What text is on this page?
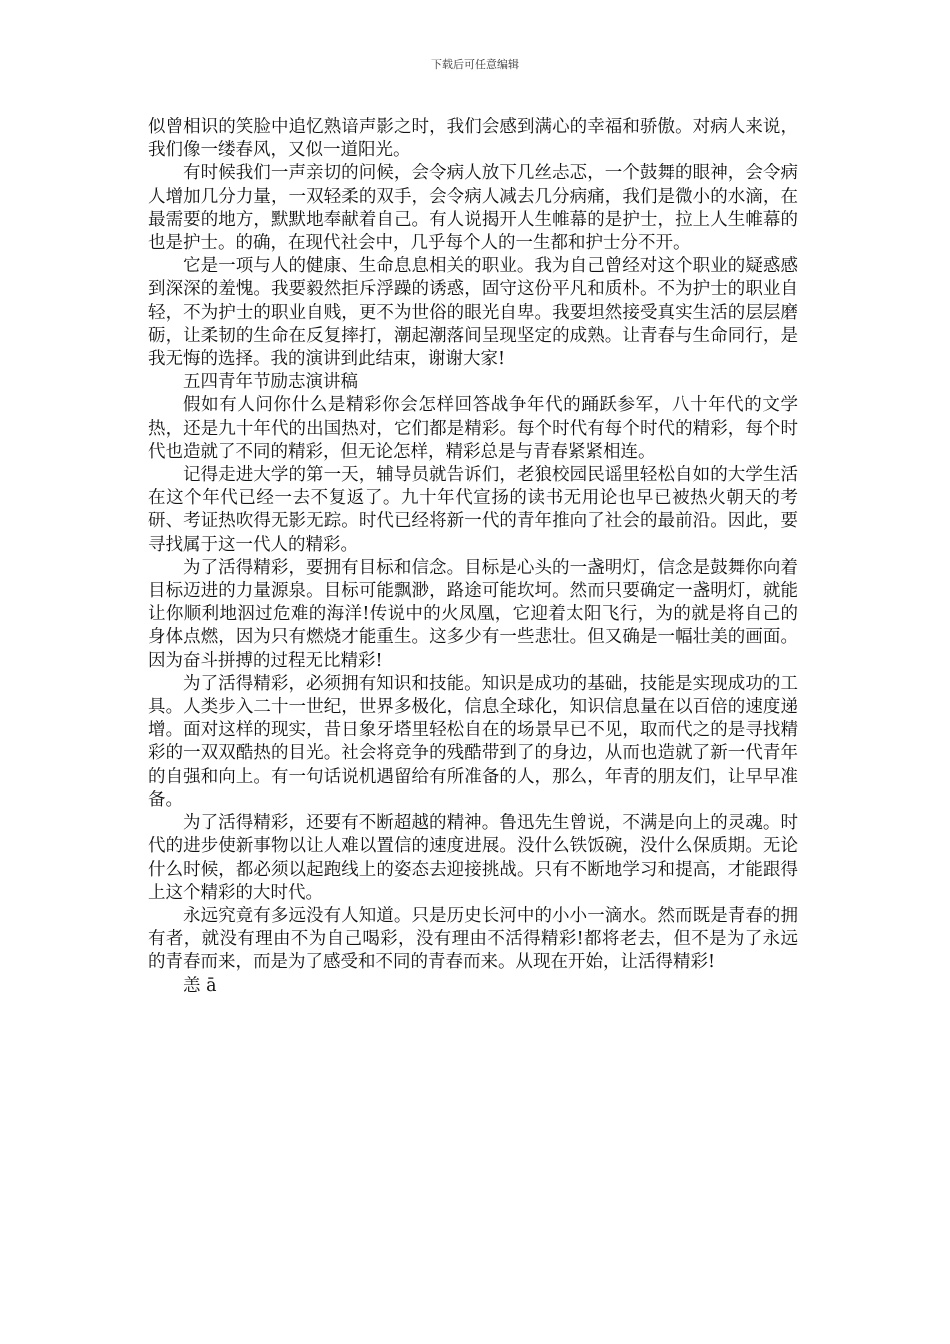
下载后可任意编辑

似曾相识的笑脸中追忆熟谙声影之时，我们会感到满心的幸福和骄傲。对病人来说，我们像一缕春风，又似一道阳光。

有时候我们一声亲切的问候，会令病人放下几丝忐忑，一个鼓舞的眼神，会令病人增加几分力量，一双轻柔的双手，会令病人减去几分病痛，我们是微小的水滴，在最需要的地方，默默地奉献着自己。有人说揭开人生帷幕的是护士，拉上人生帷幕的也是护士。的确，在现代社会中，几乎每个人的一生都和护士分不开。

它是一项与人的健康、生命息息相关的职业。我为自己曾经对这个职业的疑惑感到深深的羞愧。我要毅然拒斥浮躁的诱惑，固守这份平凡和质朴。不为护士的职业自轻，不为护士的职业自贱，更不为世俗的眼光自卑。我要坦然接受真实生活的层层磨砺，让柔韧的生命在反复摔打，潮起潮落间呈现坚定的成熟。让青春与生命同行，是我无悔的选择。我的演讲到此结束，谢谢大家!

五四青年节励志演讲稿

假如有人问你什么是精彩你会怎样回答战争年代的踊跃参军，八十年代的文学热，还是九十年代的出国热对，它们都是精彩。每个时代有每个时代的精彩，每个时代也造就了不同的精彩，但无论怎样，精彩总是与青春紧紧相连。

记得走进大学的第一天，辅导员就告诉们，老狼校园民谣里轻松自如的大学生活在这个年代已经一去不复返了。九十年代宣扬的读书无用论也早已被热火朝天的考研、考证热吹得无影无踪。时代已经将新一代的青年推向了社会的最前沿。因此，要寻找属于这一代人的精彩。

为了活得精彩，要拥有目标和信念。目标是心头的一盏明灯，信念是鼓舞你向着目标迈进的力量源泉。目标可能飘渺，路途可能坎坷。然而只要确定一盏明灯，就能让你顺利地泅过危难的海洋!传说中的火凤凰，它迎着太阳飞行，为的就是将自己的身体点燃，因为只有燃烧才能重生。这多少有一些悲壮。但又确是一幅壮美的画面。因为奋斗拼搏的过程无比精彩!

为了活得精彩，必须拥有知识和技能。知识是成功的基础，技能是实现成功的工具。人类步入二十一世纪，世界多极化，信息全球化，知识信息量在以百倍的速度递增。面对这样的现实，昔日象牙塔里轻松自在的场景早已不见，取而代之的是寻找精彩的一双双酷热的目光。社会将竞争的残酷带到了的身边，从而也造就了新一代青年的自强和向上。有一句话说机遇留给有所准备的人，那么，年青的朋友们，让早早准备。

为了活得精彩，还要有不断超越的精神。鲁迅先生曾说，不满是向上的灵魂。时代的进步使新事物以让人难以置信的速度进展。没什么铁饭碗，没什么保质期。无论什么时候，都必须以起跑线上的姿态去迎接挑战。只有不断地学习和提高，才能跟得上这个精彩的大时代。

永远究竟有多远没有人知道。只是历史长河中的小小一滴水。然而既是青春的拥有者，就没有理由不为自己喝彩，没有理由不活得精彩!都将老去，但不是为了永远的青春而来，而是为了感受和不同的青春而来。从现在开始，让活得精彩!

恙 ā
